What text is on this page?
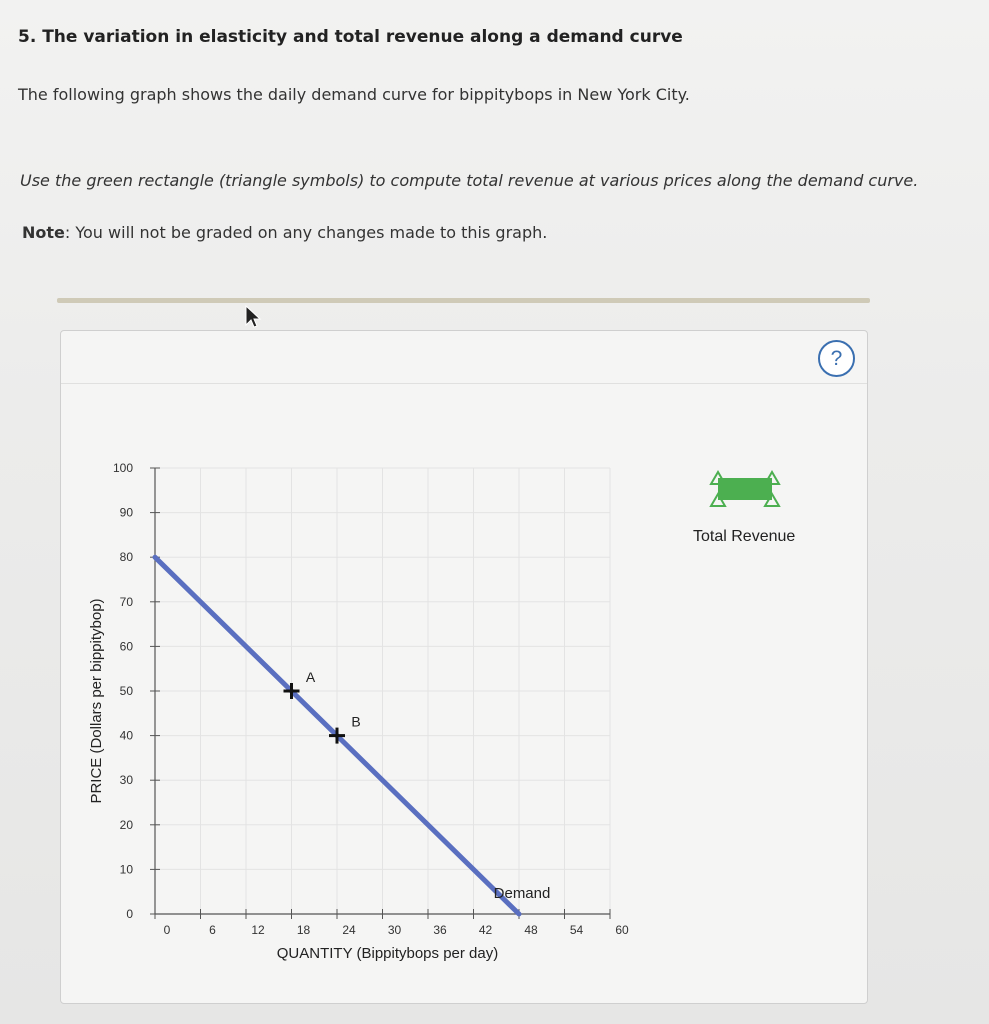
5. The variation in elasticity and total revenue along a demand curve
The following graph shows the daily demand curve for bippitybops in New York City.
Use the green rectangle (triangle symbols) to compute total revenue at various prices along the demand curve.
Note: You will not be graded on any changes made to this graph.
?
0
10
20
30
40
50
60
70
80
90
100
0	6	12	18	24	30	36	42	48	54	60
QUANTITY (Bippitybops per day)
PRICE (Dollars per bippitybop)
Demand
A
B
Total Revenue
